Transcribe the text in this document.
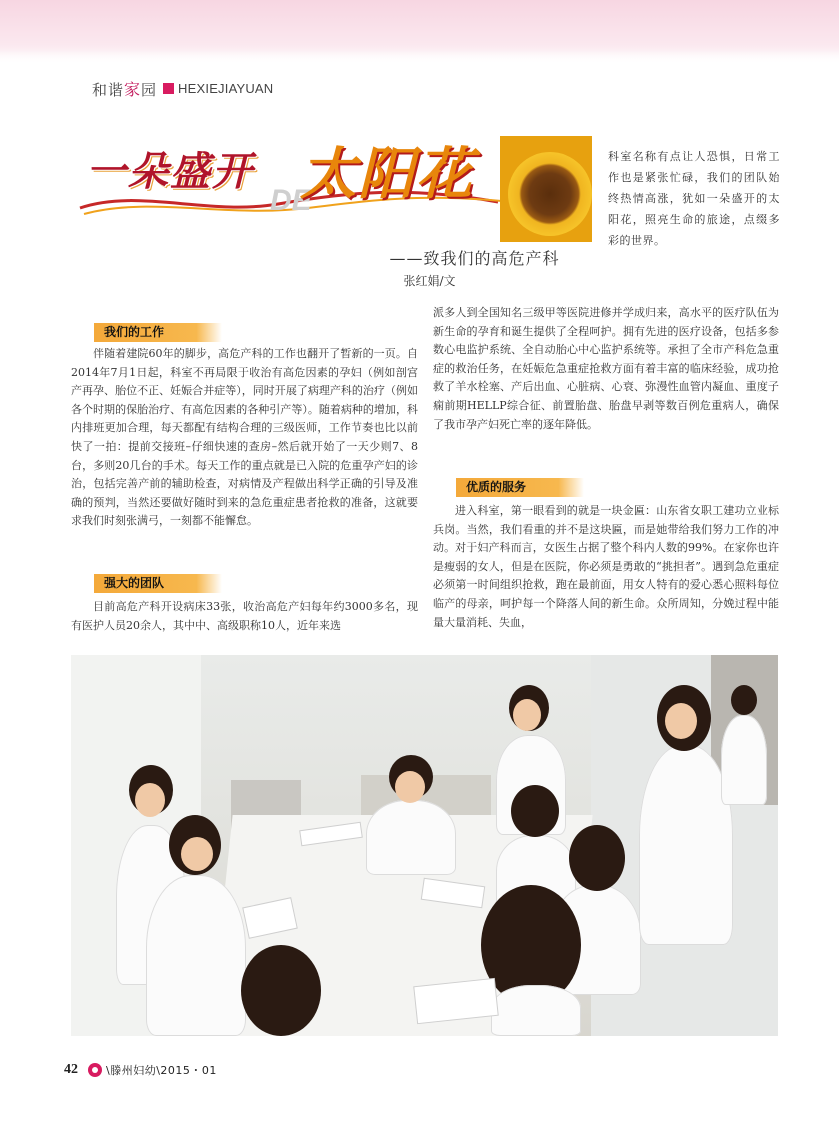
和谐家园 HEXIEJIAYUAN
一朵盛开
DE
太阳花	科室名称有点让人恐惧，日常工作也是紧张忙碌，我们的团队始终热情高涨，犹如一朵盛开的太阳花，照亮生命的旅途，点缀多彩的世界。
——致我们的高危产科
张红娟/文
我们的工作

伴随着建院60年的脚步，高危产科的工作也翻开了暂新的一页。自2014年7月1日起，科室不再局限于收治有高危因素的孕妇（例如剖宫产再孕、胎位不正、妊娠合并症等），同时开展了病理产科的治疗（例如各个时期的保胎治疗、有高危因素的各种引产等）。随着病种的增加，科内排班更加合理，每天都配有结构合理的三级医师，工作节奏也比以前快了一拍：提前交接班–仔细快速的查房–然后就开始了一天少则7、8台，多则20几台的手术。每天工作的重点就是已入院的危重孕产妇的诊治，包括完善产前的辅助检查，对病情及产程做出科学正确的引导及准确的预判，当然还要做好随时到来的急危重症患者抢救的准备，这就要求我们时刻张满弓，一刻都不能懈怠。

强大的团队

目前高危产科开设病床33张，收治高危产妇每年约3000多名，现有医护人员20余人，其中中、高级职称10人，近年来选

派多人到全国知名三级甲等医院进修并学成归来，高水平的医疗队伍为新生命的孕育和诞生提供了全程呵护。拥有先进的医疗设备，包括多参数心电监护系统、全自动胎心中心监护系统等。承担了全市产科危急重症的救治任务，在妊娠危急重症抢救方面有着丰富的临床经验，成功抢救了羊水栓塞、产后出血、心脏病、心衰、弥漫性血管内凝血、重度子痫前期HELLP综合征、前置胎盘、胎盘早剥等数百例危重病人，确保了我市孕产妇死亡率的逐年降低。

优质的服务

进入科室，第一眼看到的就是一块金匾：山东省女职工建功立业标兵岗。当然，我们看重的并不是这块匾，而是她带给我们努力工作的冲动。对于妇产科而言，女医生占据了整个科内人数的99%。在家你也许是瘦弱的女人，但是在医院，你必须是勇敢的“挑担者”。遇到急危重症必须第一时间组织抢救，跑在最前面，用女人特有的爱心悉心照料每位临产的母亲，呵护每一个降落人间的新生命。众所周知，分娩过程中能量大量消耗、失血，

42	\滕州妇幼\2015・01
